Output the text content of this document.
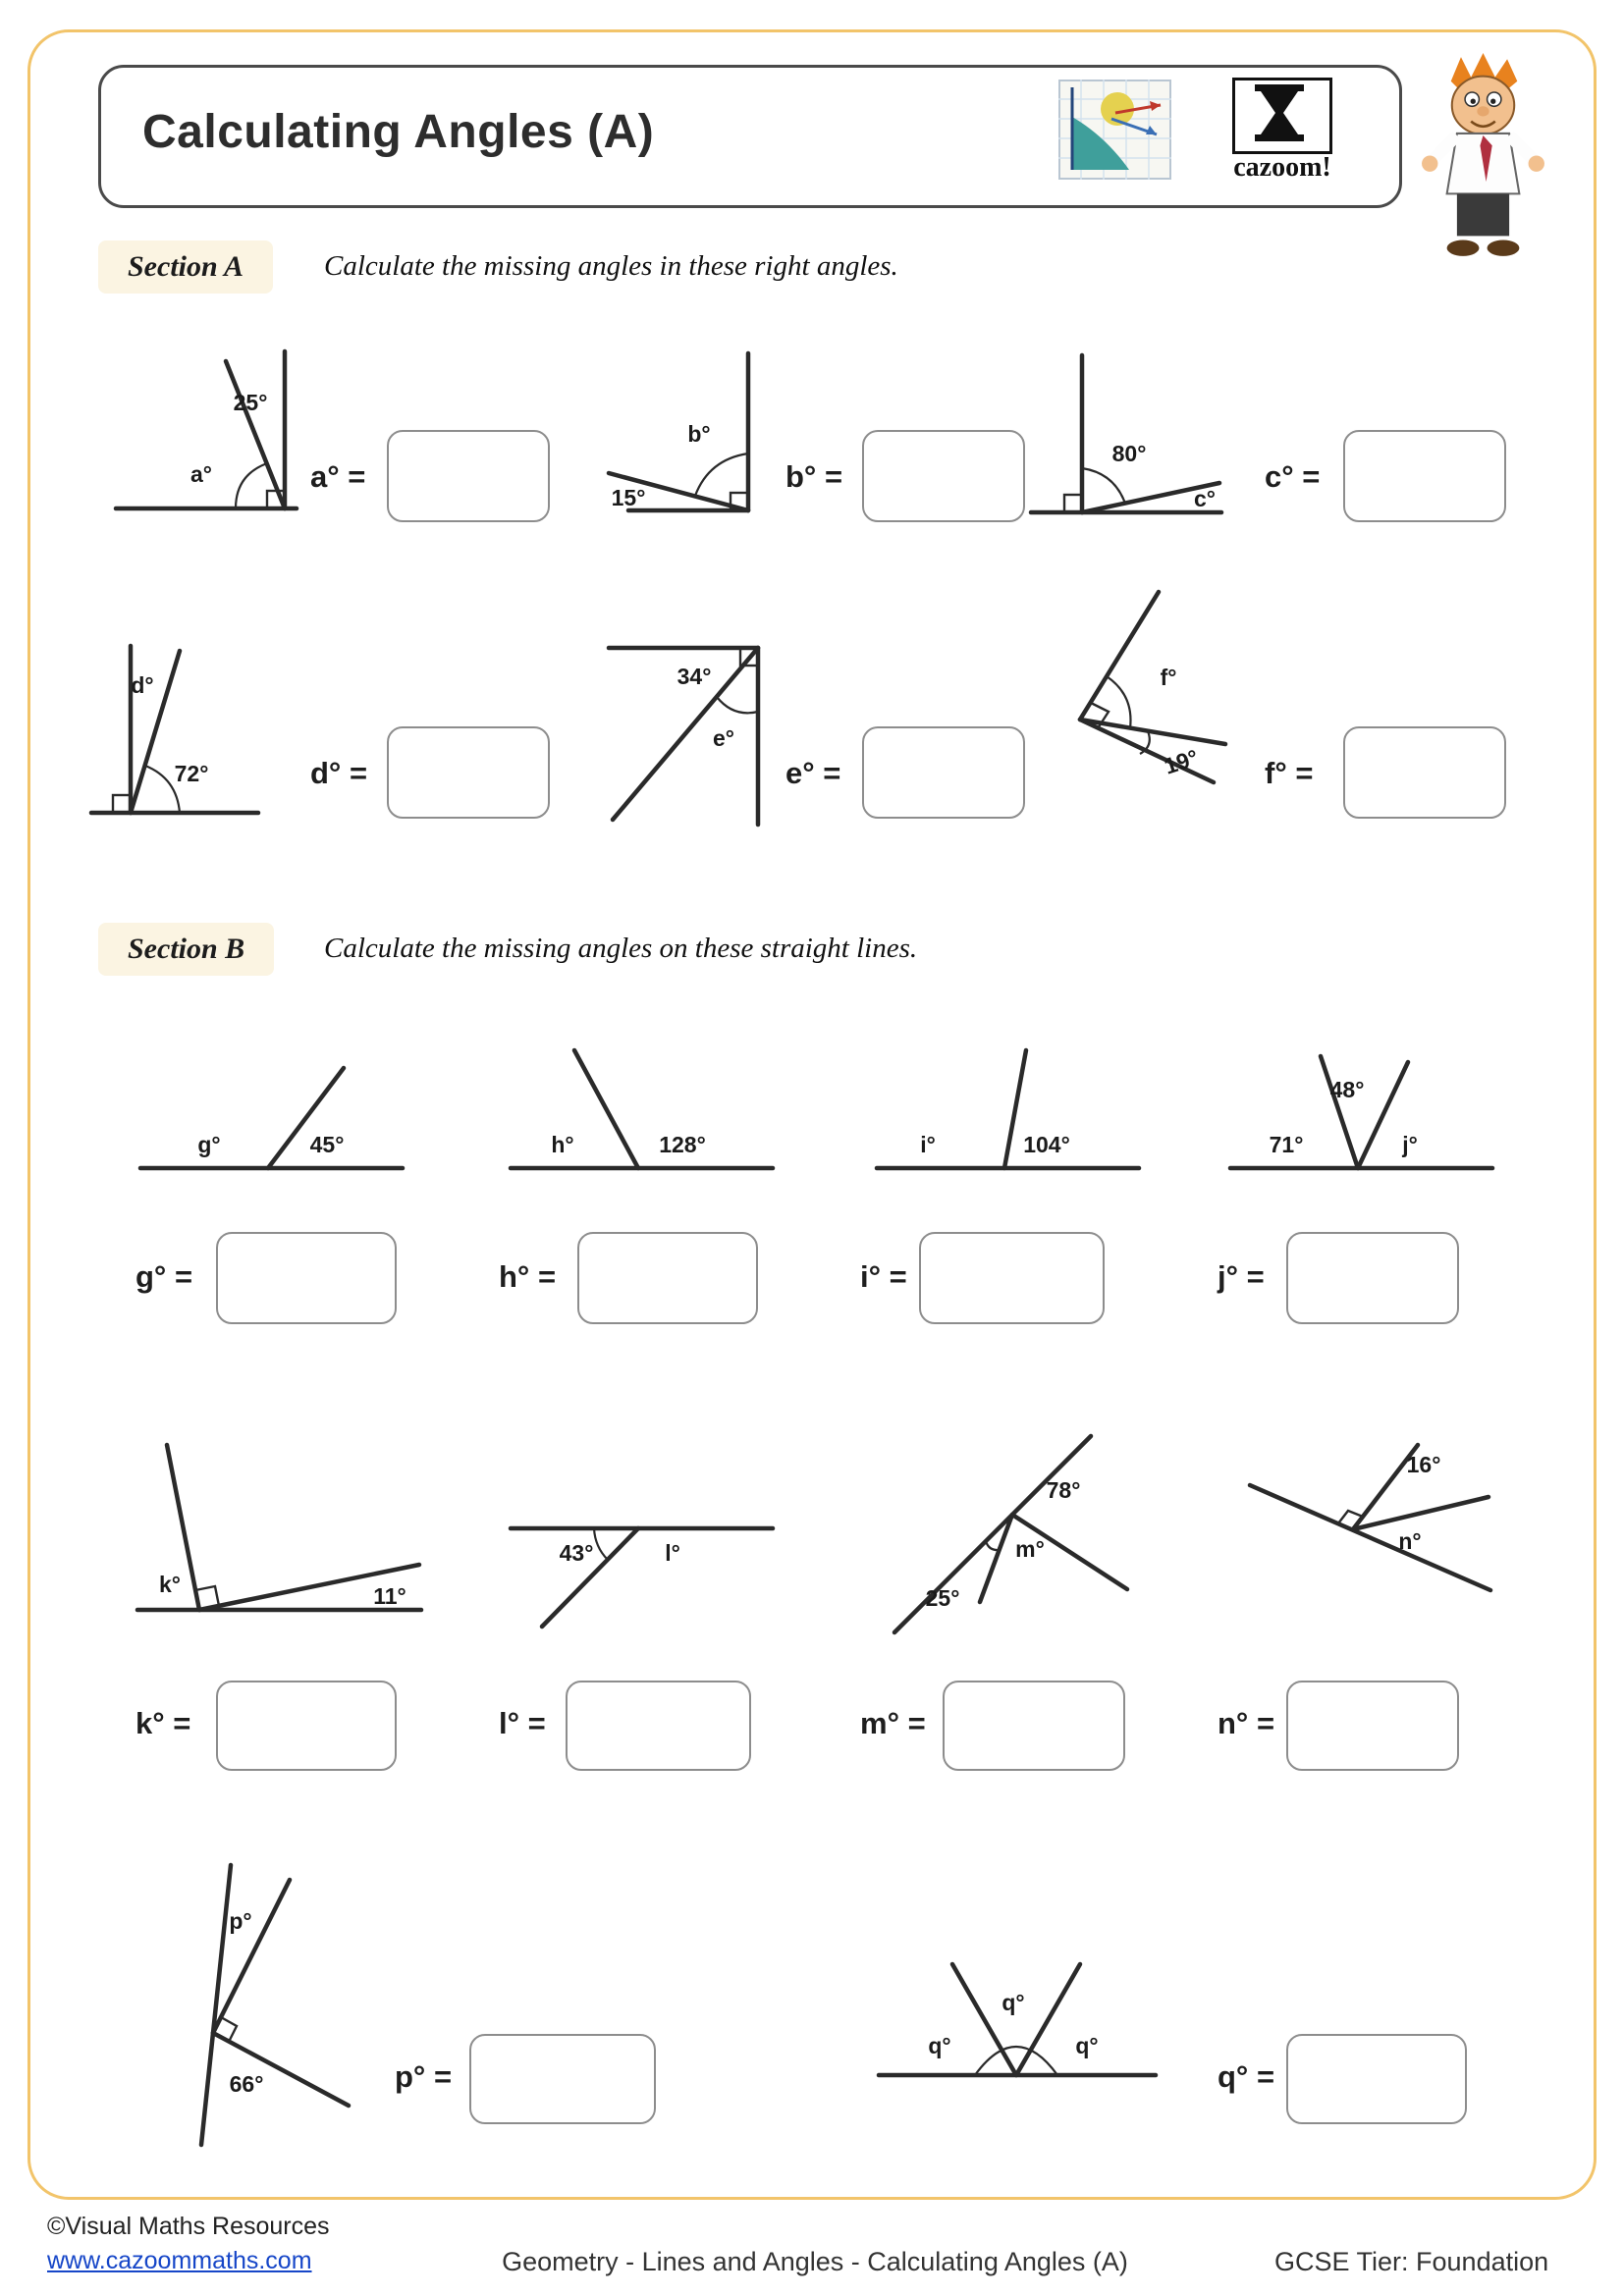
Calculating Angles (A)
cazoom!
Section A	Calculate the missing angles in these right angles.
25°
a°	a° =
b°
15°
b° =
80°
c°
c° =
d°
72°	d° =
34°
e°
e° =
f°
19° f° =
Section B	Calculate the missing angles on these straight lines.
g°	45°
g° =
h°	128°
h° =
i°	104°
i° =
71°
48°
j°
j° =
k°	11°
k° =
43°	l°
l° =
25°
m°
78°
m° =
16°
n°
n° =
p°
66°	p° =
q°
q°
q°
q° =
©Visual Maths Resources
www.cazoommaths.com	Geometry - Lines and Angles - Calculating Angles (A)	GCSE Tier: Foundation
